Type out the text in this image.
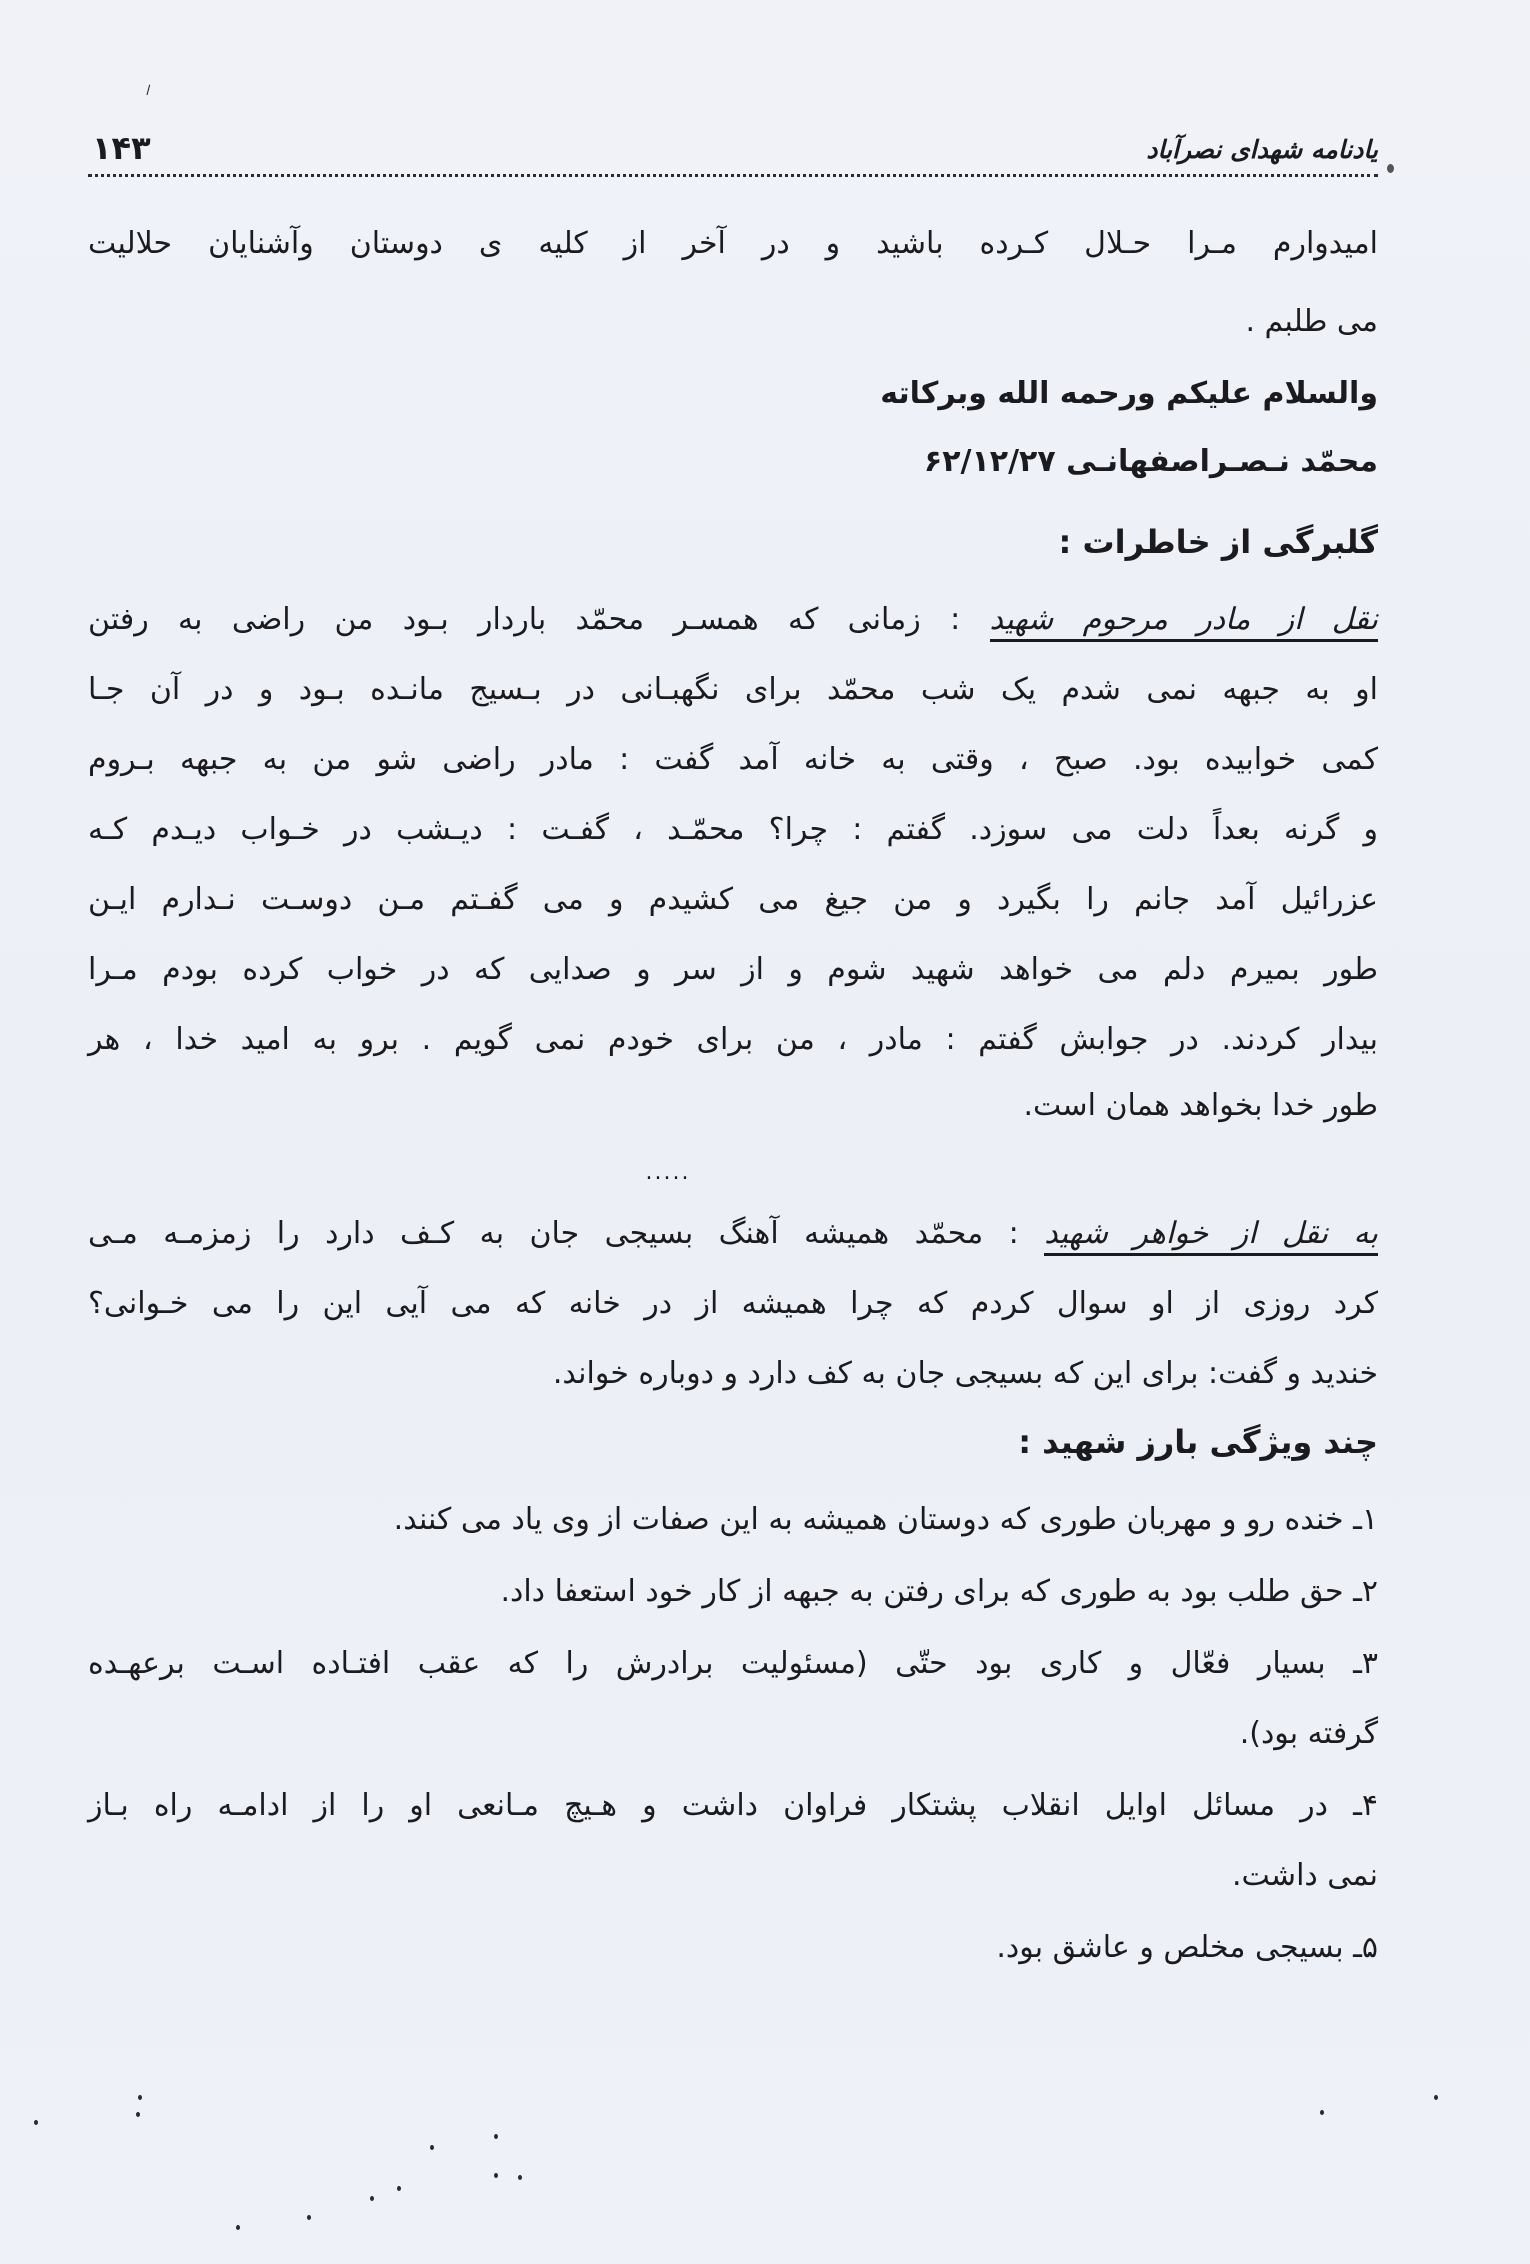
⸝
۱۴۳	یادنامه شهدای نصرآباد
امیدوارم مـرا حـلال کـرده باشید و در آخر از کلیه ی دوستان وآشنایان حلالیت
می طلبم .
والسلام علیکم ورحمه الله وبرکاته
محمّد نـصـراصفهانـی ۶۲/۱۲/۲۷
گلبرگی از خاطرات :
نقل از مادر مرحوم شهید : زمانی که همسـر محمّد باردار بـود من راضی به رفتن
او به جبهه نمی شدم یک شب محمّد برای نگهبـانی در بـسیج مانـده بـود و در آن جـا
کمی خوابیده بود. صبح ، وقتی به خانه آمد گفت : مادر راضی شو من به جبهه بـروم
و گرنه بعداً دلت می سوزد. گفتم : چرا؟ محمّـد ، گفـت : دیـشب در خـواب دیـدم کـه
عزرائیل آمد جانم را بگیرد و من جیغ می کشیدم و می گفـتم مـن دوسـت نـدارم ایـن
طور بمیرم دلم می خواهد شهید شوم و از سر و صدایی که در خواب کرده بودم مـرا
بیدار کردند. در جوابش گفتم : مادر ، من برای خودم نمی گویم . برو به امید خدا ، هر
طور خدا بخواهد همان است.
.....
به نقل از خواهر شهید : محمّد همیشه آهنگ بسیجی جان به کـف دارد را زمزمـه مـی
کرد روزی از او سوال کردم که چرا همیشه از در خانه که می آیی این را می خـوانی؟
خندید و گفت: برای این که بسیجی جان به کف دارد و دوباره خواند.
چند ویژگی بارز شهید :
۱ـ خنده رو و مهربان طوری که دوستان همیشه به این صفات از وی یاد می کنند.
۲ـ حق طلب بود به طوری که برای رفتن به جبهه از کار خود استعفا داد.
۳ـ بسیار فعّال و کاری بود حتّی (مسئولیت برادرش را که عقب افتـاده اسـت برعهـده
گرفته بود).
۴ـ در مسائل اوایل انقلاب پشتکار فراوان داشت و هـیچ مـانعی او را از ادامـه راه بـاز
نمی داشت.
۵ـ بسیجی مخلص و عاشق بود.
